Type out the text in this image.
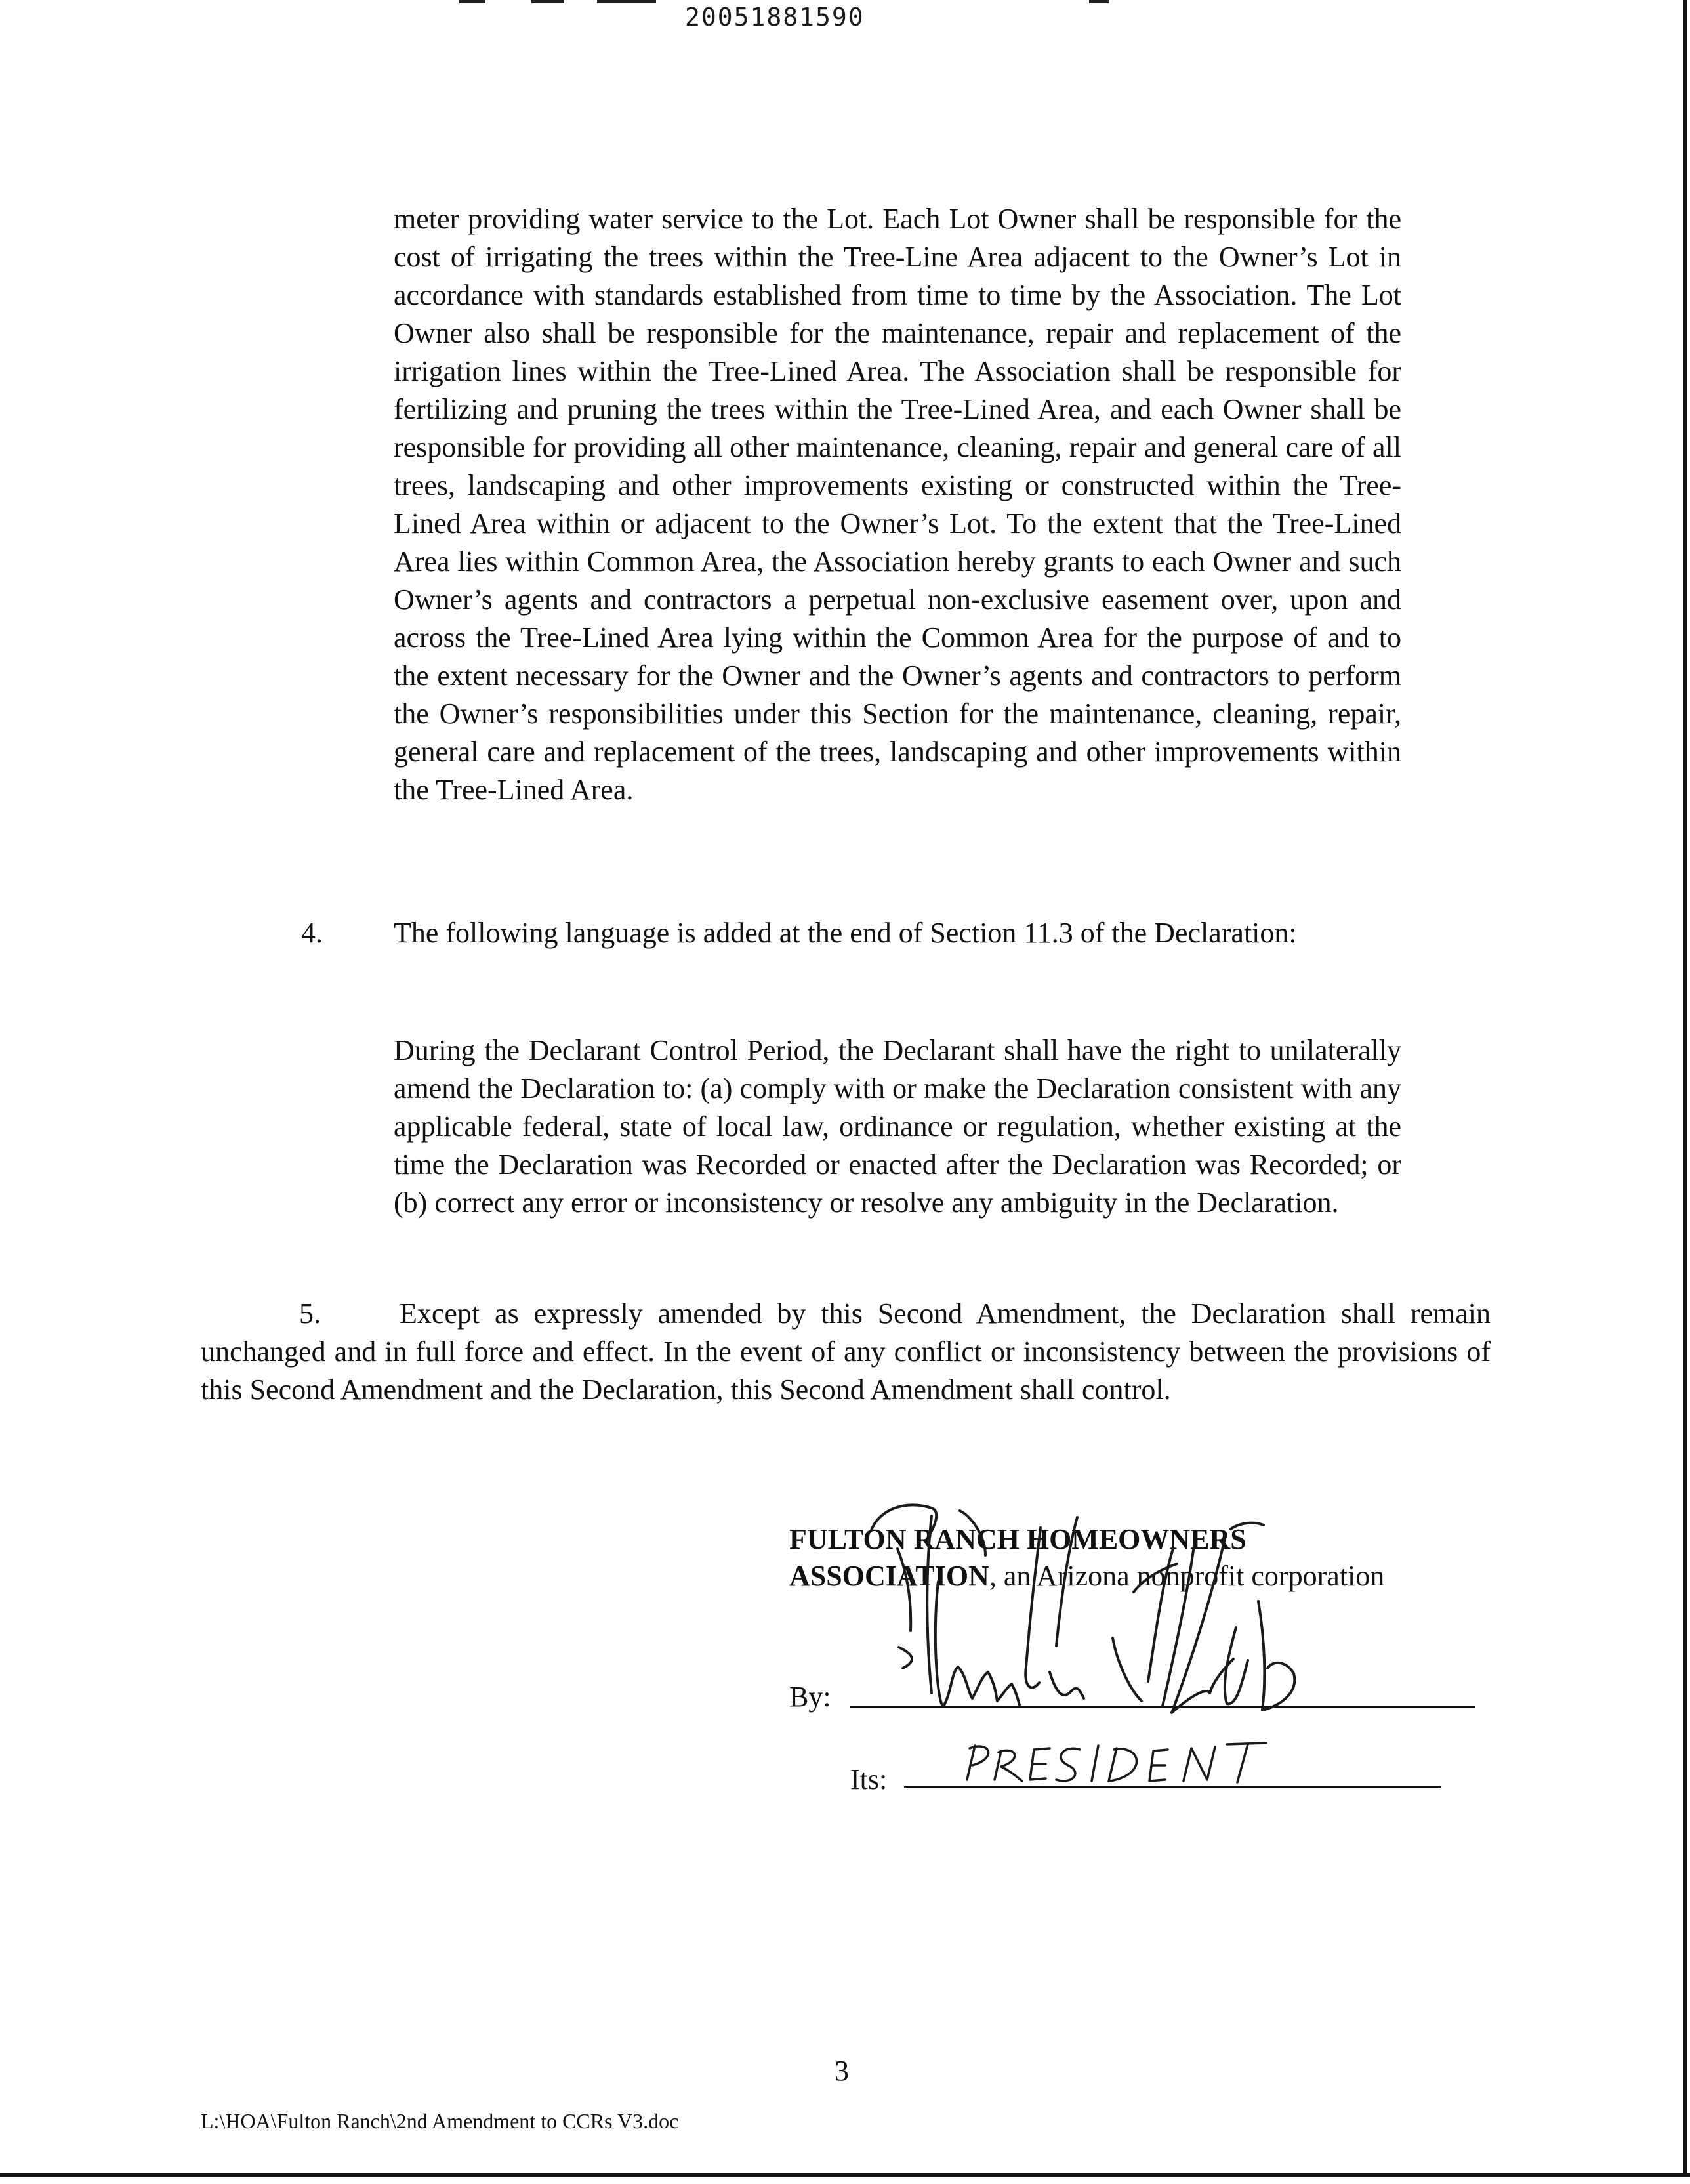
20051881590

meter providing water service to the Lot. Each Lot Owner shall be responsible for the cost of irrigating the trees within the Tree-Line Area adjacent to the Owner’s Lot in accordance with standards established from time to time by the Association. The Lot Owner also shall be responsible for the maintenance, repair and replacement of the irrigation lines within the Tree-Lined Area. The Association shall be responsible for fertilizing and pruning the trees within the Tree-Lined Area, and each Owner shall be responsible for providing all other maintenance, cleaning, repair and general care of all trees, landscaping and other improvements existing or constructed within the Tree-Lined Area within or adjacent to the Owner’s Lot. To the extent that the Tree-Lined Area lies within Common Area, the Association hereby grants to each Owner and such Owner’s agents and contractors a perpetual non-exclusive easement over, upon and across the Tree-Lined Area lying within the Common Area for the purpose of and to the extent necessary for the Owner and the Owner’s agents and contractors to perform the Owner’s responsibilities under this Section for the maintenance, cleaning, repair, general care and replacement of the trees, landscaping and other improvements within the Tree-Lined Area.

4. The following language is added at the end of Section 11.3 of the Declaration:

During the Declarant Control Period, the Declarant shall have the right to unilaterally amend the Declaration to: (a) comply with or make the Declaration consistent with any applicable federal, state of local law, ordinance or regulation, whether existing at the time the Declaration was Recorded or enacted after the Declaration was Recorded; or (b) correct any error or inconsistency or resolve any ambiguity in the Declaration.

5.	Except as expressly amended by this Second Amendment, the Declaration shall remain unchanged and in full force and effect. In the event of any conflict or inconsistency between the provisions of this Second Amendment and the Declaration, this Second Amendment shall control.

FULTON RANCH HOMEOWNERS
ASSOCIATION, an Arizona nonprofit corporation
By:
Its:
3
L:\HOA\Fulton Ranch\2nd Amendment to CCRs V3.doc
